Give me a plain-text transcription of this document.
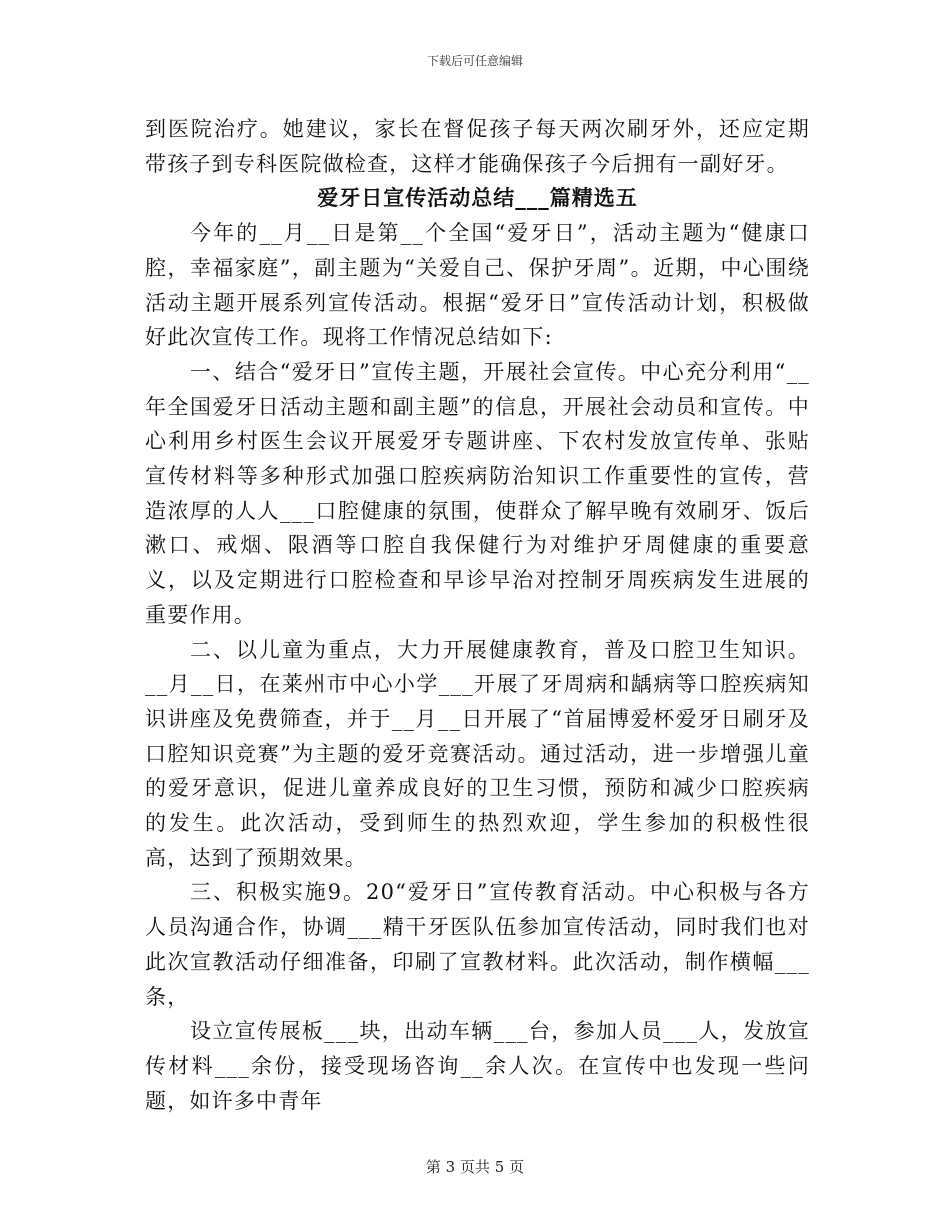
下载后可任意编辑

到医院治疗。她建议，家长在督促孩子每天两次刷牙外，还应定期带孩子到专科医院做检查，这样才能确保孩子今后拥有一副好牙。

爱牙日宣传活动总结___篇精选五

今年的__月__日是第__个全国“爱牙日”，活动主题为“健康口腔，幸福家庭”，副主题为“关爱自己、保护牙周”。近期，中心围绕活动主题开展系列宣传活动。根据“爱牙日”宣传活动计划，积极做好此次宣传工作。现将工作情况总结如下:

一、结合“爱牙日”宣传主题，开展社会宣传。中心充分利用“__年全国爱牙日活动主题和副主题”的信息，开展社会动员和宣传。中心利用乡村医生会议开展爱牙专题讲座、下农村发放宣传单、张贴宣传材料等多种形式加强口腔疾病防治知识工作重要性的宣传，营造浓厚的人人___口腔健康的氛围，使群众了解早晚有效刷牙、饭后漱口、戒烟、限酒等口腔自我保健行为对维护牙周健康的重要意义，以及定期进行口腔检查和早诊早治对控制牙周疾病发生进展的重要作用。

二、以儿童为重点，大力开展健康教育，普及口腔卫生知识。__月__日，在莱州市中心小学___开展了牙周病和龋病等口腔疾病知识讲座及免费筛查，并于__月__日开展了“首届博爱杯爱牙日刷牙及口腔知识竞赛”为主题的爱牙竞赛活动。通过活动，进一步增强儿童的爱牙意识，促进儿童养成良好的卫生习惯，预防和减少口腔疾病的发生。此次活动，受到师生的热烈欢迎，学生参加的积极性很高，达到了预期效果。

三、积极实施9。20“爱牙日”宣传教育活动。中心积极与各方人员沟通合作，协调___精干牙医队伍参加宣传活动，同时我们也对此次宣教活动仔细准备，印刷了宣教材料。此次活动，制作横幅___条，

设立宣传展板___块，出动车辆___台，参加人员___人，发放宣传材料___余份，接受现场咨询__余人次。在宣传中也发现一些问题，如许多中青年

第 3 页共 5 页
